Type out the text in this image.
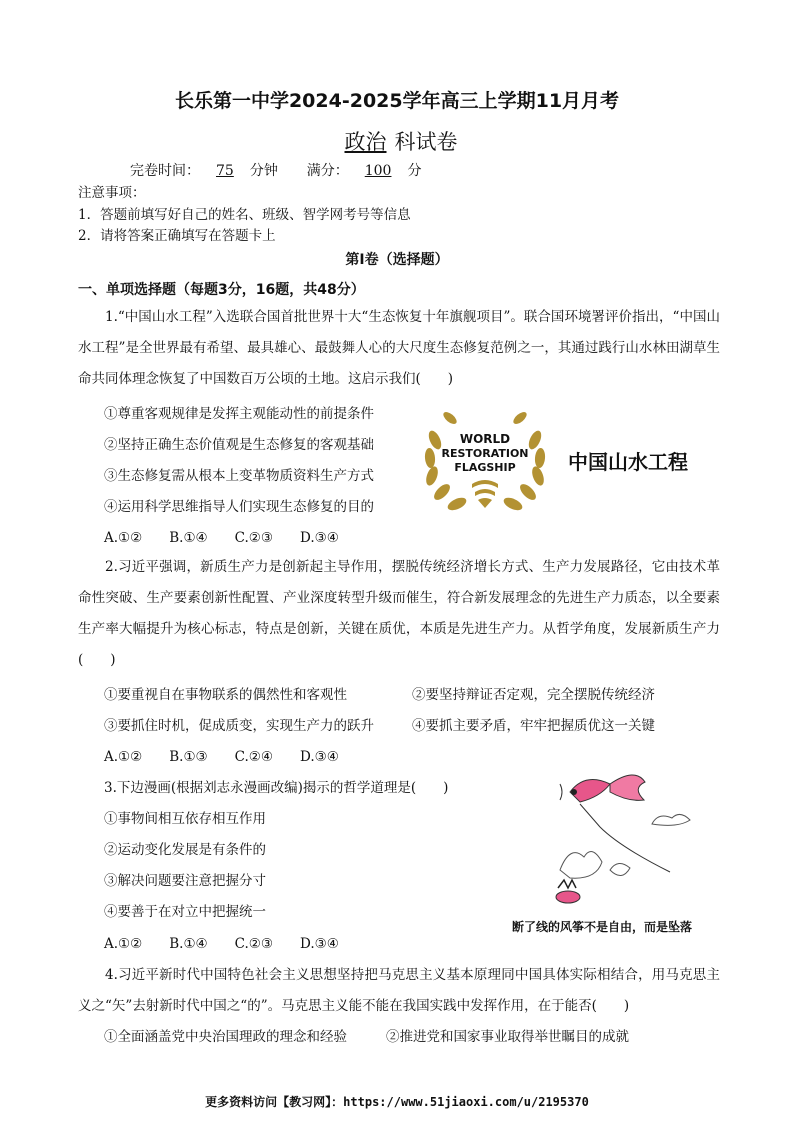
长乐第一中学2024-2025学年高三上学期11月月考
政治 科试卷
完卷时间： 75 分钟 满分： 100 分
注意事项：
1．答题前填写好自己的姓名、班级、智学网考号等信息
2．请将答案正确填写在答题卡上
第I卷（选择题）
一、单项选择题（每题3分，16题，共48分）
1.“中国山水工程”入选联合国首批世界十大“生态恢复十年旗舰项目”。联合国环境署评价指出，“中国山水工程”是全世界最有希望、最具雄心、最鼓舞人心的大尺度生态修复范例之一，其通过践行山水林田湖草生命共同体理念恢复了中国数百万公顷的土地。这启示我们(　　)
①尊重客观规律是发挥主观能动性的前提条件
②坚持正确生态价值观是生态修复的客观基础
③生态修复需从根本上变革物质资料生产方式
④运用科学思维指导人们实现生态修复的目的
A.①②　　B.①④　　C.②③　　D.③④
WORLD
RESTORATION
FLAGSHIP	中国山水工程
2.习近平强调，新质生产力是创新起主导作用，摆脱传统经济增长方式、生产力发展路径，它由技术革命性突破、生产要素创新性配置、产业深度转型升级而催生，符合新发展理念的先进生产力质态，以全要素生产率大幅提升为核心标志，特点是创新，关键在质优，本质是先进生产力。从哲学角度，发展新质生产力(　　)
①要重视自在事物联系的偶然性和客观性	②要坚持辩证否定观，完全摆脱传统经济
③要抓住时机，促成质变，实现生产力的跃升	④要抓主要矛盾，牢牢把握质优这一关键
A.①②　　B.①③　　C.②④　　D.③④
3.下边漫画(根据刘志永漫画改编)揭示的哲学道理是(　　)
①事物间相互依存相互作用
②运动变化发展是有条件的
③解决问题要注意把握分寸
④要善于在对立中把握统一
A.①②　　B.①④　　C.②③　　D.③④
断了线的风筝不是自由，而是坠落
4.习近平新时代中国特色社会主义思想坚持把马克思主义基本原理同中国具体实际相结合，用马克思主义之“矢”去射新时代中国之“的”。马克思主义能不能在我国实践中发挥作用，在于能否(　　)
①全面涵盖党中央治国理政的理念和经验	②推进党和国家事业取得举世瞩目的成就
更多资料访问【教习网】：https://www.51jiaoxi.com/u/2195370
